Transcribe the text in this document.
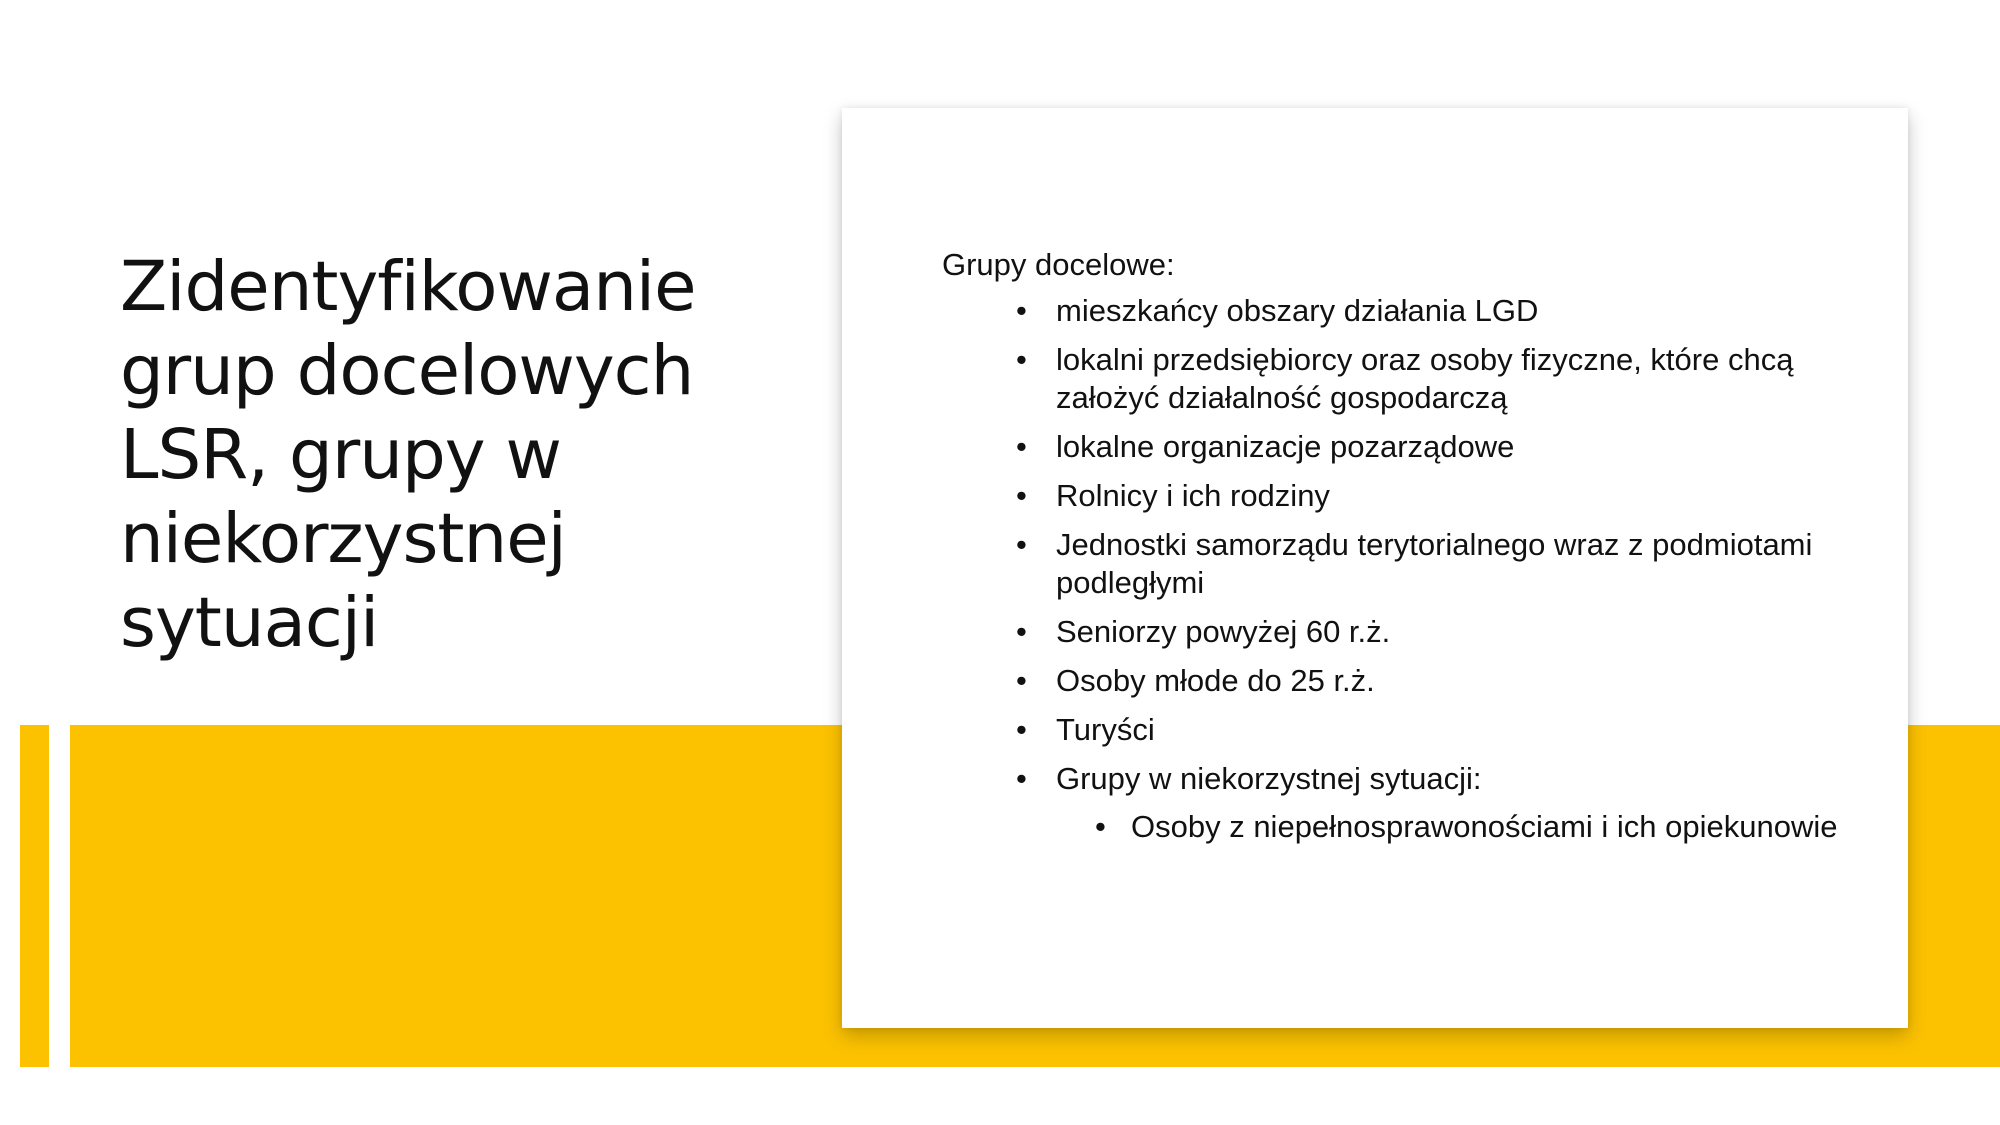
Zidentyfikowanie grup docelowych LSR, grupy w niekorzystnej sytuacji

Grupy docelowe:

• mieszkańcy obszary działania LGD
• lokalni przedsiębiorcy oraz osoby fizyczne, które chcą założyć działalność gospodarczą
• lokalne organizacje pozarządowe
• Rolnicy i ich rodziny
• Jednostki samorządu terytorialnego wraz z podmiotami podległymi
• Seniorzy powyżej 60 r.ż.
• Osoby młode do 25 r.ż.
• Turyści
• Grupy w niekorzystnej sytuacji:
• Osoby z niepełnosprawonościami i ich opiekunowie
